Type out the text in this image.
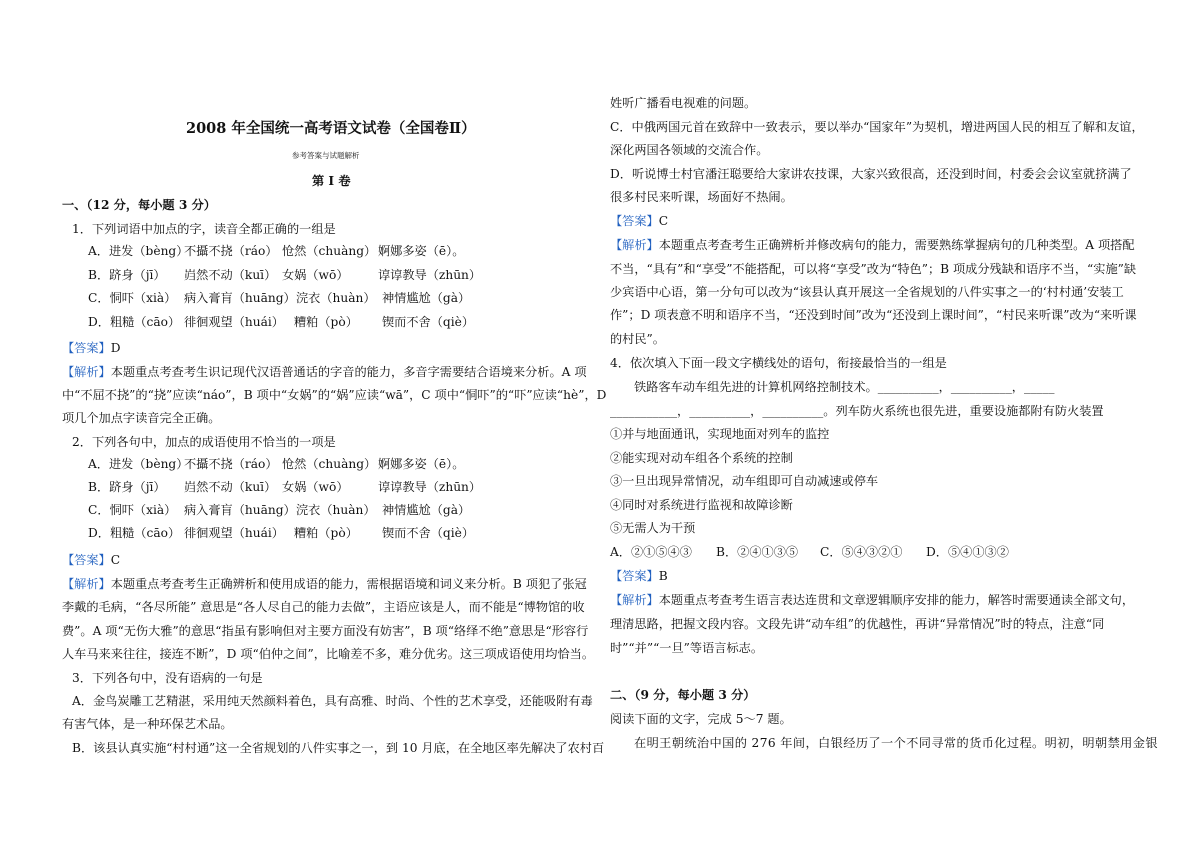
2008 年全国统一高考语文试卷（全国卷Ⅱ）
参考答案与试题解析
第 I 卷
一、（12 分，每小题 3 分）
1．下列词语中加点的字，读音全都正确的一组是
A．进发（bèng）不攝不挠（ráo） 怆然（chuàng） 婀娜多姿（ē）。
B．跻身（jī） 岿然不动（kuī） 女娲（wō） 谆谆教导（zhūn）
C．恫吓（xià） 病入膏肓（huāng）浣衣（huàn） 神情尴尬（gà）
D．粗糙（cāo） 徘徊观望（huái） 糟粕（pò） 锲而不舍（qiè）
【答案】D
【解析】本题重点考查考生识记现代汉语普通话的字音的能力，多音字需要结合语境来分析。A 项
中“不屈不挠”的“挠”应读“náo”，B 项中“女娲”的“娲”应读“wā”，C 项中“恫吓”的“吓”应读“hè”，D
项几个加点字读音完全正确。
2．下列各句中，加点的成语使用不恰当的一项是
A．进发（bèng）不攝不挠（ráo） 怆然（chuàng） 婀娜多姿（ē）。
B．跻身（jī） 岿然不动（kuī） 女娲（wō） 谆谆教导（zhūn）
C．恫吓（xià） 病入膏肓（huāng）浣衣（huàn） 神情尴尬（gà）
D．粗糙（cāo） 徘徊观望（huái） 糟粕（pò） 锲而不舍（qiè）
【答案】C
【解析】本题重点考查考生正确辨析和使用成语的能力，需根据语境和词义来分析。B 项犯了张冠
李戴的毛病，“各尽所能” 意思是“各人尽自己的能力去做”，主语应该是人，而不能是“博物馆的收
费”。A 项“无伤大雅”的意思“指虽有影响但对主要方面没有妨害”，B 项“络绎不绝”意思是“形容行
人车马来来往往，接连不断”，D 项“伯仲之间”，比喻差不多，难分优劣。这三项成语使用均恰当。
3．下列各句中，没有语病的一句是
A．金鸟炭雕工艺精湛，采用纯天然颜料着色，具有高雅、时尚、个性的艺术享受，还能吸附有毒
有害气体，是一种环保艺术品。
B．该县认真实施“村村通”这一全省规划的八件实事之一，到 10 月底，在全地区率先解决了农村百
姓听广播看电视难的问题。
C．中俄两国元首在致辞中一致表示，要以举办“国家年”为契机，增进两国人民的相互了解和友谊，
深化两国各领域的交流合作。
D．听说博士村官潘汪聪要给大家讲农技课，大家兴致很高，还没到时间，村委会会议室就挤满了
很多村民来听课，场面好不热闹。
【答案】C
【解析】本题重点考查考生正确辨析并修改病句的能力，需要熟练掌握病句的几种类型。A 项搭配
不当，“具有”和“享受”不能搭配，可以将“享受”改为“特色”；B 项成分残缺和语序不当，“实施”缺
少宾语中心语，第一分句可以改为“该县认真开展这一全省规划的八件实事之一的‘村村通’安装工
作”；D 项表意不明和语序不当，“还没到时间”改为“还没到上课时间”，“村民来听课”改为“来听课
的村民”。
4．依次填入下面一段文字横线处的语句，衔接最恰当的一组是
铁路客车动车组先进的计算机网络控制技术。__________，__________，_____
___________，__________，__________。列车防火系统也很先进，重要设施都附有防火装置
①并与地面通讯，实现地面对列车的监控
②能实现对动车组各个系统的控制
③一旦出现异常情况，动车组即可自动减速或停车
④同时对系统进行监视和故障诊断
⑤无需人为干预
A．②①⑤④③ B．②④①③⑤ C．⑤④③②① D．⑤④①③②
【答案】B
【解析】本题重点考查考生语言表达连贯和文章逻辑顺序安排的能力，解答时需要通读全部文句，
理清思路，把握文段内容。文段先讲“动车组”的优越性，再讲“异常情况”时的特点，注意“同
时”“并”“一旦”等语言标志。
二、（9 分，每小题 3 分）
阅读下面的文字，完成 5～7 题。
在明王朝统治中国的 276 年间，白银经历了一个不同寻常的货币化过程。明初，明朝禁用金银
